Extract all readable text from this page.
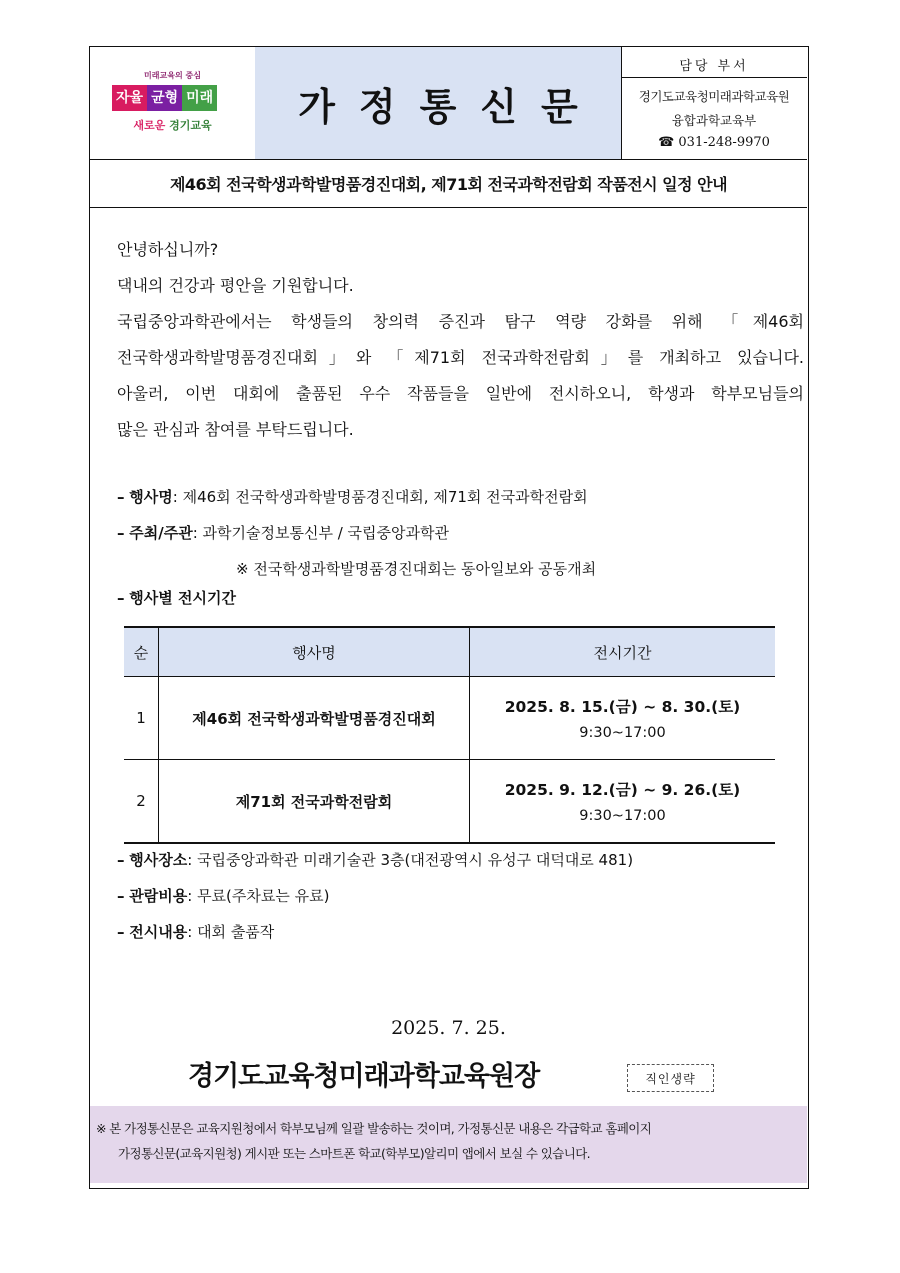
미래교육의 중심
자율 균형 미래
새로운 경기교육	가정통신문
담당 부서
경기도교육청미래과학교육원
융합과학교육부
☎ 031-248-9970
제46회 전국학생과학발명품경진대회, 제71회 전국과학전람회 작품전시 일정 안내
안녕하십니까?
댁내의 건강과 평안을 기원합니다.
국립중앙과학관에서는 학생들의 창의력 증진과 탐구 역량 강화를 위해 「제46회
전국학생과학발명품경진대회」와 「제71회 전국과학전람회」를 개최하고 있습니다.
아울러, 이번 대회에 출품된 우수 작품들을 일반에 전시하오니, 학생과 학부모님들의
많은 관심과 참여를 부탁드립니다.
– 행사명: 제46회 전국학생과학발명품경진대회, 제71회 전국과학전람회
– 주최/주관: 과학기술정보통신부 / 국립중앙과학관
※ 전국학생과학발명품경진대회는 동아일보와 공동개최
– 행사별 전시기간
순	행사명	전시기간
1	제46회 전국학생과학발명품경진대회	2025. 8. 15.(금) ~ 8. 30.(토)
9:30~17:00

2	제71회 전국과학전람회	2025. 9. 12.(금) ~ 9. 26.(토)
9:30~17:00
– 행사장소: 국립중앙과학관 미래기술관 3층(대전광역시 유성구 대덕대로 481)
– 관람비용: 무료(주차료는 유료)
– 전시내용: 대회 출품작
2025. 7. 25.
경기도교육청미래과학교육원장	직인생략
※ 본 가정통신문은 교육지원청에서 학부모님께 일괄 발송하는 것이며, 가정통신문 내용은 각급학교 홈페이지
가정통신문(교육지원청) 게시판 또는 스마트폰 학교(학부모)알리미 앱에서 보실 수 있습니다.
